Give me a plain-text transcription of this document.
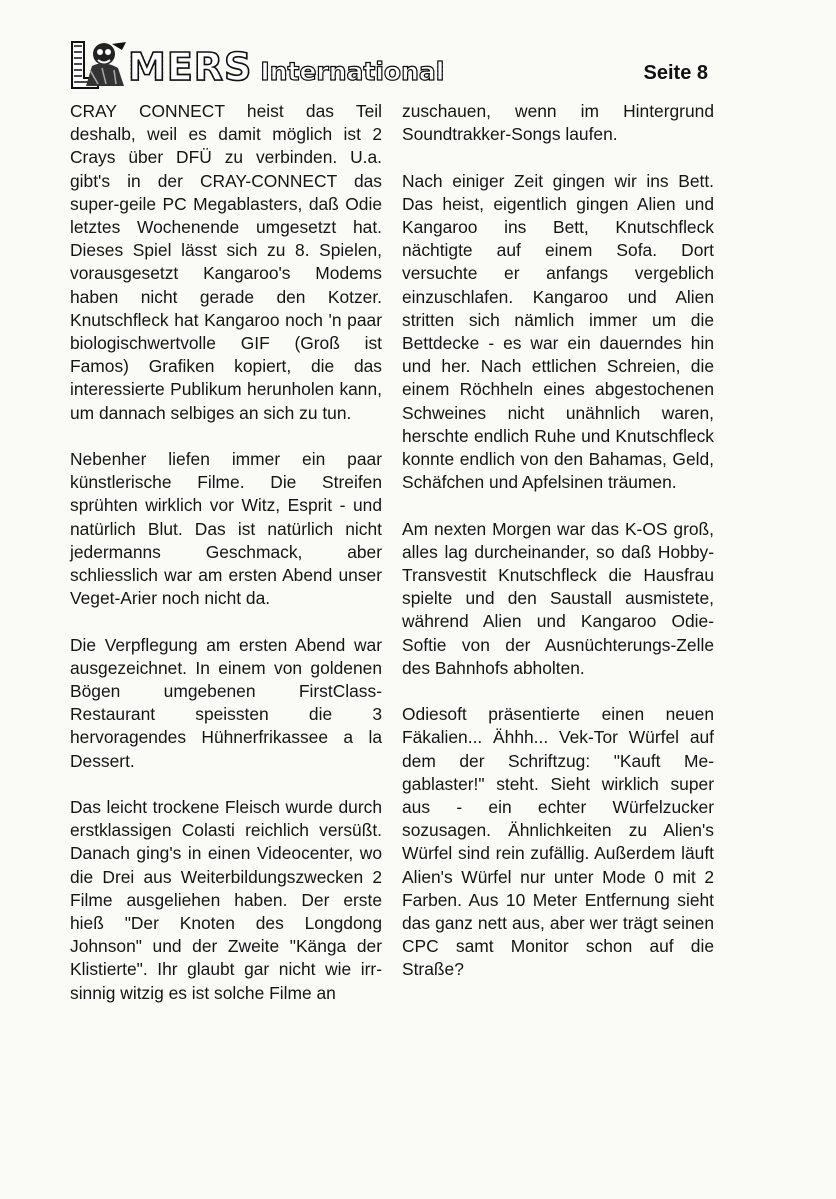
MERS International	Seite 8

CRAY CONNECT heist das Teil deshalb, weil es damit möglich ist 2 Crays über DFÜ zu verbinden. U.a. gibt's in der CRAY-CONNECT das super-geile PC Megablasters, daß Odie letztes Wochenende umgesetzt hat. Dieses Spiel lässt sich zu 8. Spielen, vorausgesetzt Kangaroo's Modems haben nicht gerade den Kotzer. Knutschfleck hat Kangaroo noch 'n paar biologischwertvolle GIF (Groß ist Famos) Grafiken kopiert, die das interessierte Publikum herunholen kann, um dannach selbiges an sich zu tun.

Nebenher liefen immer ein paar künstlerische Filme. Die Streifen sprühten wirklich vor Witz, Esprit - und natürlich Blut. Das ist natürlich nicht jedermanns Geschmack, aber schliesslich war am ersten Abend unser Veget-Arier noch nicht da.

Die Verpflegung am ersten Abend war ausgezeichnet. In einem von goldenen Bögen umgebenen FirstClass-Restaurant speissten die 3 hervoragendes Hühnerfrikassee a la Dessert.

Das leicht trockene Fleisch wurde durch erstklassigen Colasti reichlich versüßt. Danach ging's in einen Videocenter, wo die Drei aus Weiterbildungszwecken 2 Filme ausgeliehen haben. Der erste hieß "Der Knoten des Longdong Johnson" und der Zweite "Känga der Klistierte". Ihr glaubt gar nicht wie irrsinnig witzig es ist solche Filme an

zuschauen, wenn im Hintergrund Soundtrakker-Songs laufen.

Nach einiger Zeit gingen wir ins Bett. Das heist, eigentlich gingen Alien und Kangaroo ins Bett, Knutschfleck nächtigte auf einem Sofa. Dort versuchte er anfangs vergeblich einzuschlafen. Kangaroo und Alien stritten sich nämlich immer um die Bettdecke - es war ein dauerndes hin und her. Nach ettlichen Schreien, die einem Röchheln eines abgestochenen Schweines nicht unähnlich waren, herschte endlich Ruhe und Knutschfleck konnte endlich von den Bahamas, Geld, Schäfchen und Apfelsinen träumen.

Am nexten Morgen war das K-OS groß, alles lag durcheinander, so daß Hobby-Transvestit Knutschfleck die Hausfrau spielte und den Saustall ausmistete, während Alien und Kangaroo Odie-Softie von der Ausnüchterungs-Zelle des Bahnhofs abholten.

Odiesoft präsentierte einen neuen Fäkalien... Ähhh... Vek-Tor Würfel auf dem der Schriftzug: "Kauft Megablaster!" steht. Sieht wirklich super aus - ein echter Würfelzucker sozusagen. Ähnlichkeiten zu Alien's Würfel sind rein zufällig. Außerdem läuft Alien's Würfel nur unter Mode 0 mit 2 Farben. Aus 10 Meter Entfernung sieht das ganz nett aus, aber wer trägt seinen CPC samt Monitor schon auf die Straße?
